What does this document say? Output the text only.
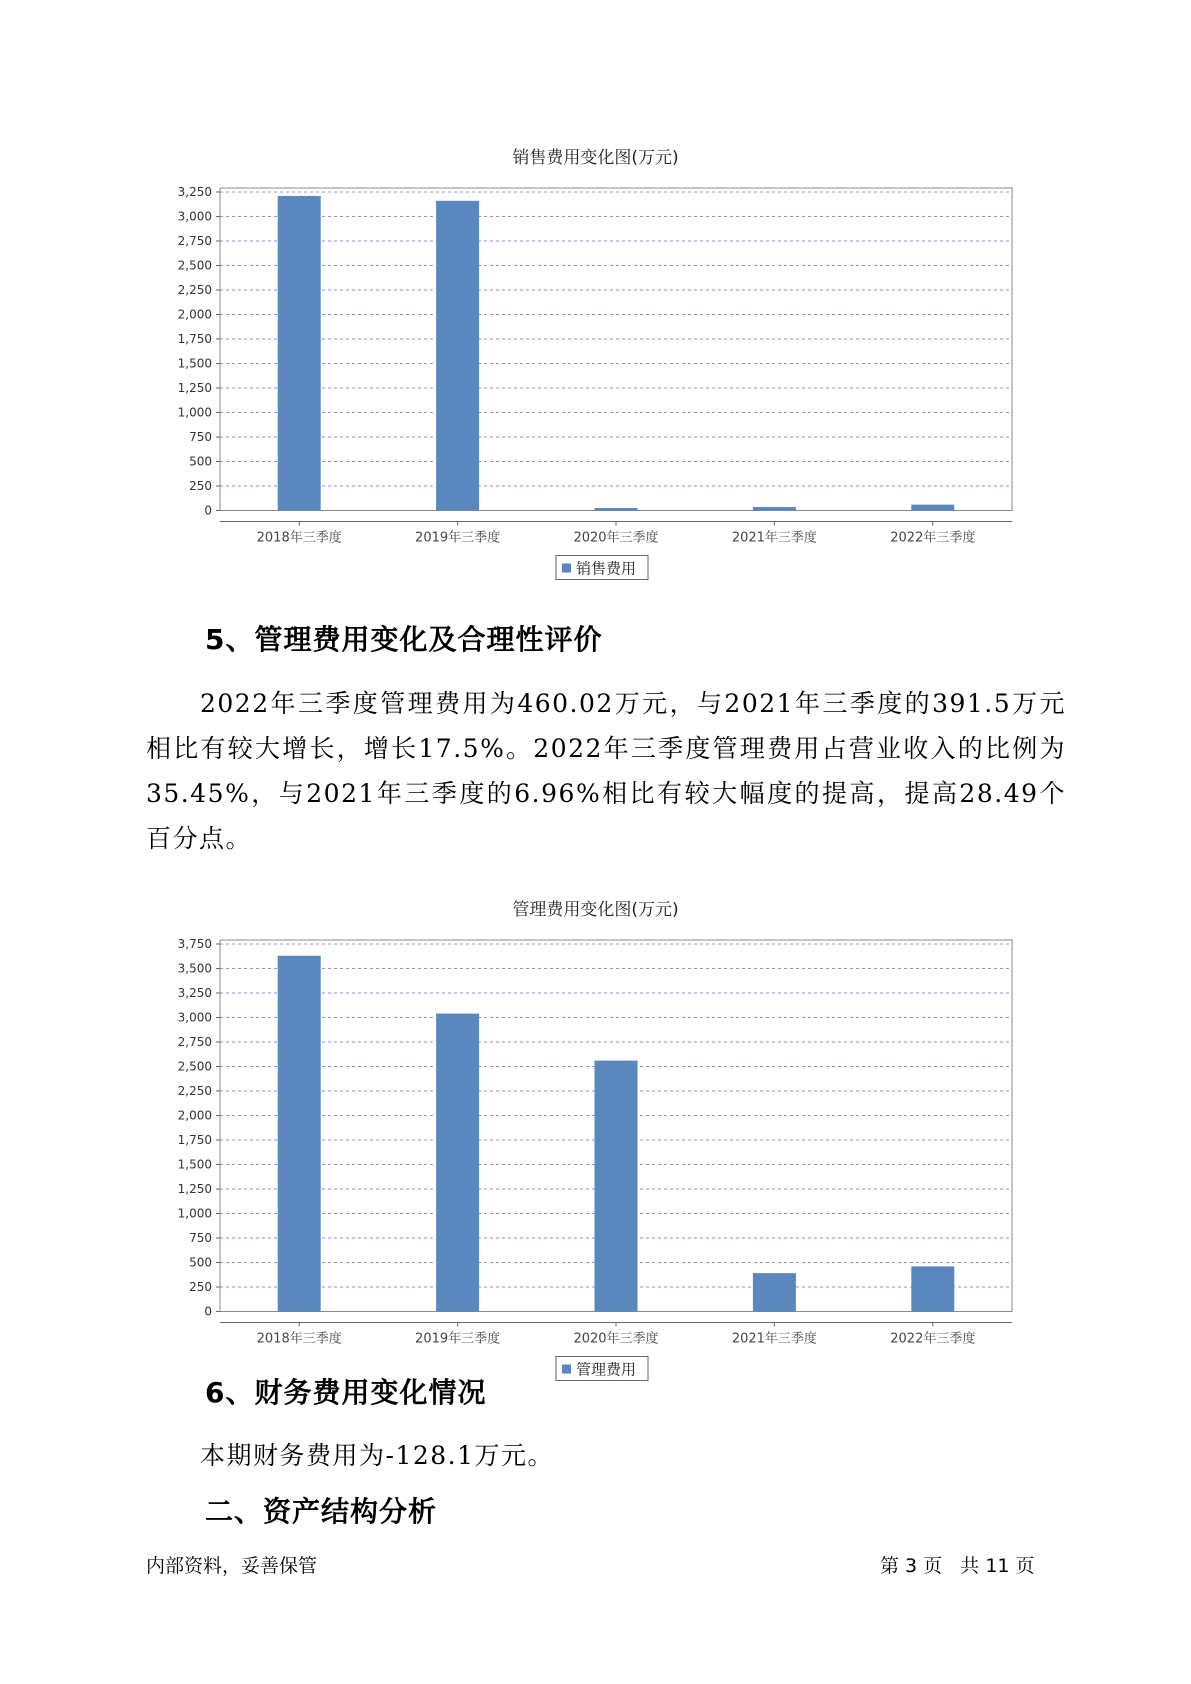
销售费用变化图(万元)
0
250
500
750
1,000
1,250
1,500
1,750
2,000
2,250
2,500
2,750
3,000
3,250
2018年三季度	2019年三季度	2020年三季度	2021年三季度	2022年三季度
销售费用
5、管理费用变化及合理性评价
2022年三季度管理费用为460.02万元，与2021年三季度的391.5万元相比有较大增长，增长17.5%。2022年三季度管理费用占营业收入的比例为35.45%，与2021年三季度的6.96%相比有较大幅度的提高，提高28.49个百分点。
管理费用变化图(万元)
0
250
500
750
1,000
1,250
1,500
1,750
2,000
2,250
2,500
2,750
3,000
3,250
3,500
3,750
2018年三季度	2019年三季度	2020年三季度	2021年三季度	2022年三季度
管理费用
6、财务费用变化情况
本期财务费用为-128.1万元。
二、资产结构分析
内部资料，妥善保管	第 3 页   共 11 页
